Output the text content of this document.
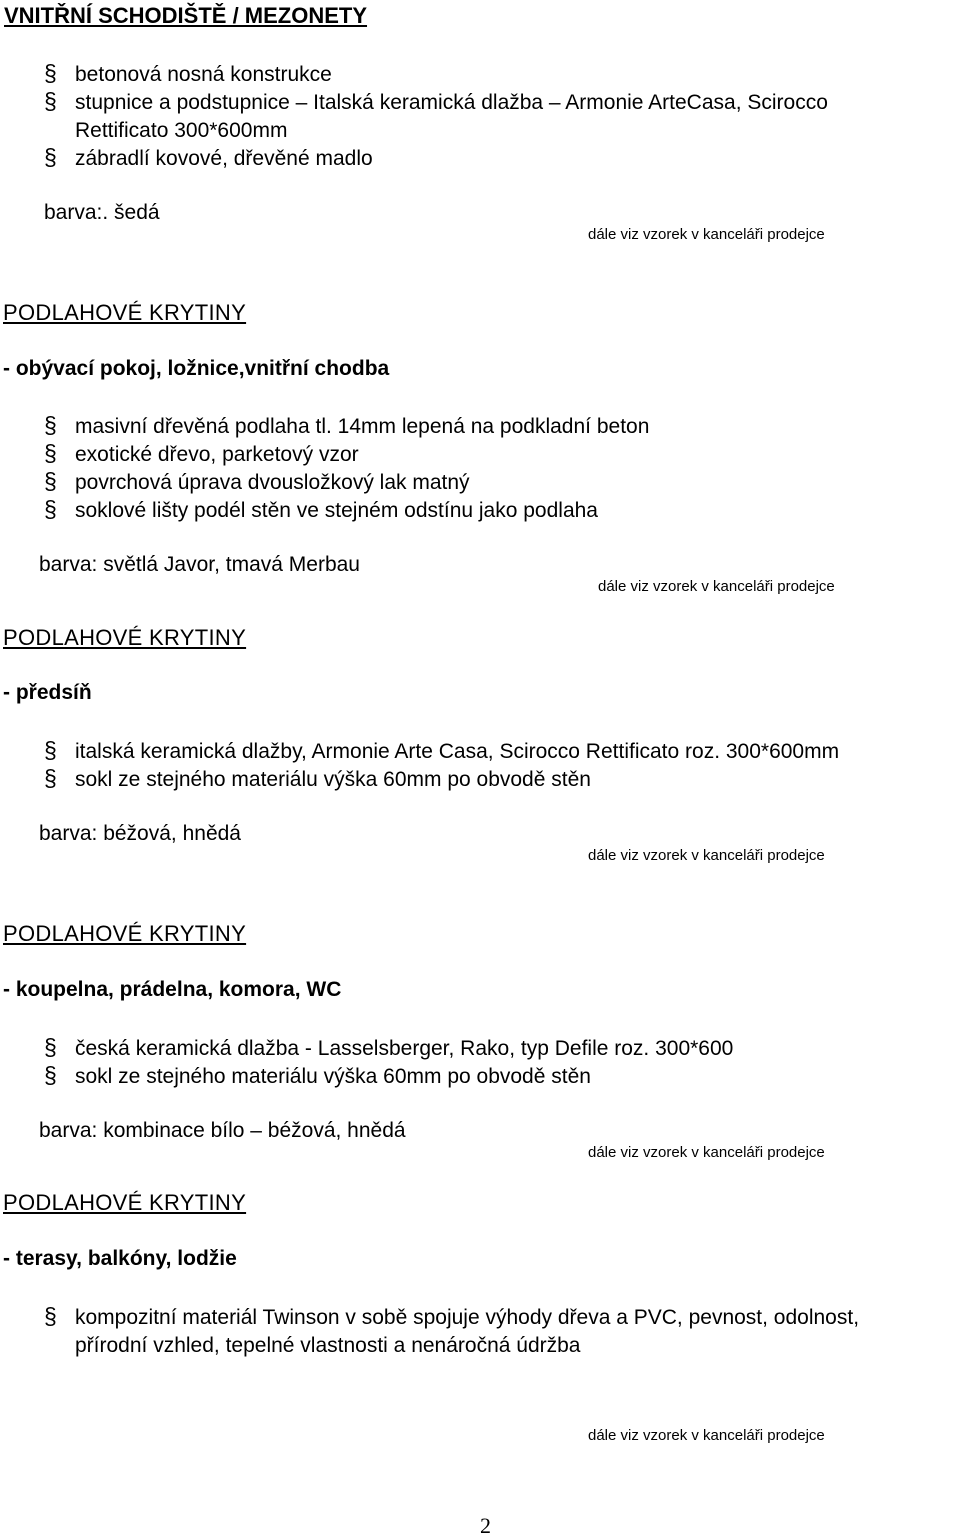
VNITŘNÍ SCHODIŠTĚ / MEZONETY
§ betonová nosná konstrukce
§ stupnice a podstupnice – Italská keramická dlažba – Armonie ArteCasa, Scirocco Rettificato 300*600mm
§ zábradlí kovové, dřevěné madlo
barva:. šedá
dále viz vzorek v kanceláři prodejce
PODLAHOVÉ KRYTINY
- obývací pokoj, ložnice,vnitřní chodba
§ masivní dřevěná podlaha tl. 14mm lepená na podkladní beton
§ exotické dřevo, parketový vzor
§ povrchová úprava dvousložkový lak matný
§ soklové lišty podél stěn ve stejném odstínu jako podlaha
barva: světlá Javor, tmavá Merbau
dále viz vzorek v kanceláři prodejce
PODLAHOVÉ KRYTINY
- předsíň
§ italská keramická dlažby, Armonie Arte Casa, Scirocco Rettificato roz. 300*600mm
§ sokl ze stejného materiálu výška 60mm po obvodě stěn
barva: béžová, hnědá
dále viz vzorek v kanceláři prodejce
PODLAHOVÉ KRYTINY
- koupelna, prádelna, komora, WC
§ česká keramická dlažba - Lasselsberger, Rako, typ Defile roz. 300*600
§ sokl ze stejného materiálu výška 60mm po obvodě stěn
barva: kombinace bílo – béžová, hnědá
dále viz vzorek v kanceláři prodejce
PODLAHOVÉ KRYTINY
- terasy, balkóny, lodžie
§ kompozitní materiál Twinson v sobě spojuje výhody dřeva a PVC, pevnost, odolnost, přírodní vzhled, tepelné vlastnosti a nenáročná údržba
dále viz vzorek v kanceláři prodejce
2
